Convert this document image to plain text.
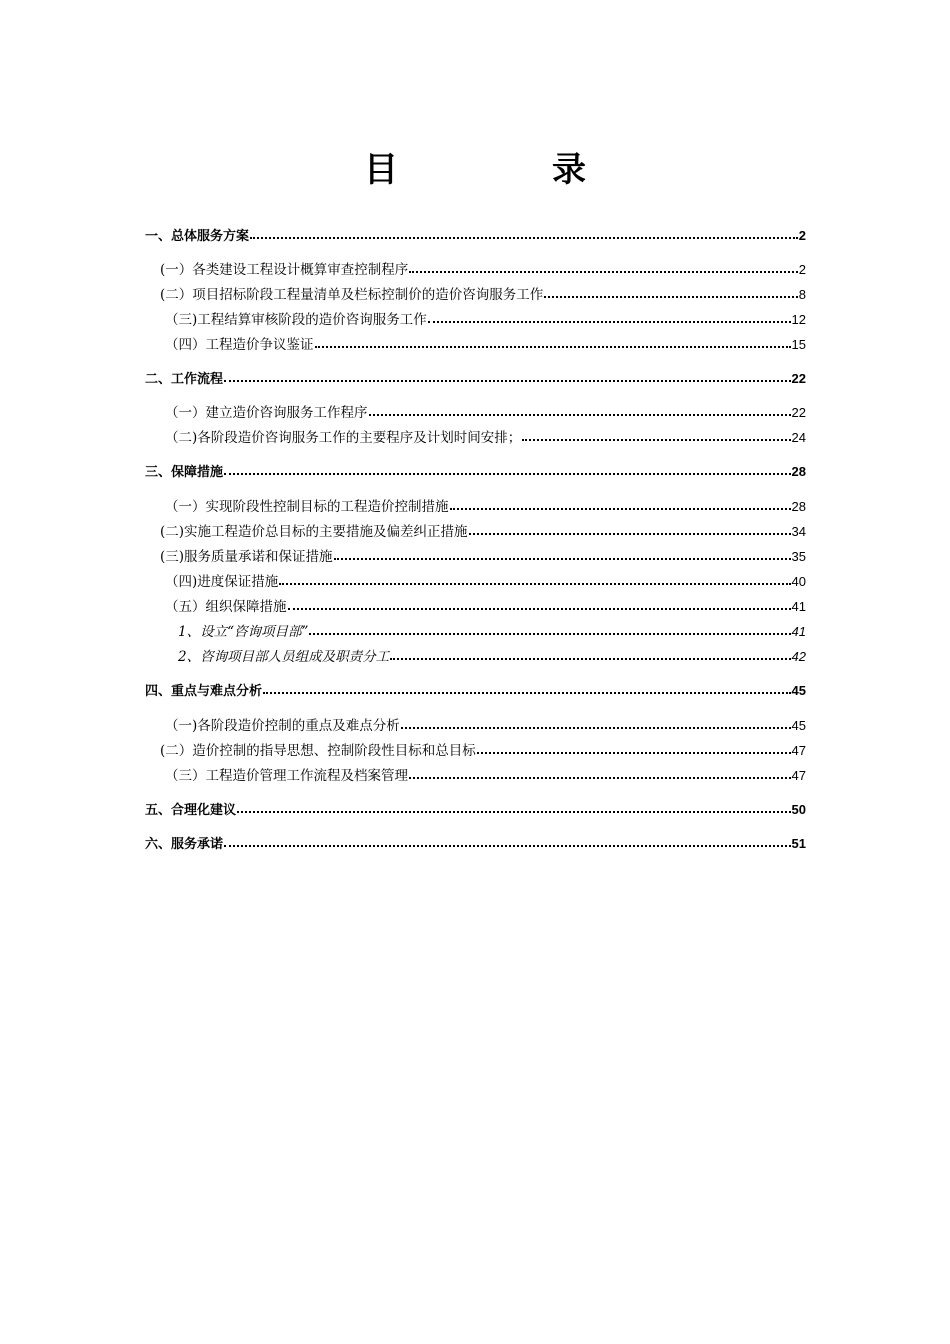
目　录
一、总体服务方案	2
(一）各类建设工程设计概算审查控制程序	2
(二）项目招标阶段工程量清单及栏标控制价的造价咨询服务工作	8
（三)工程结算审核阶段的造价咨询服务工作	12
（四）工程造价争议鉴证	15
二、工作流程	22
（一）建立造价咨询服务工作程序	22
（二)各阶段造价咨询服务工作的主要程序及计划时间安排；	24
三、保障措施	28
（一）实现阶段性控制目标的工程造价控制措施	28
(二)实施工程造价总目标的主要措施及偏差纠正措施	34
(三)服务质量承诺和保证措施	35
（四)进度保证措施	40
（五）组织保障措施	41
1、设立“咨询项目部”	41
2、咨询项目部人员组成及职责分工	42
四、重点与难点分析	45
（一)各阶段造价控制的重点及难点分析	45
(二）造价控制的指导思想、控制阶段性目标和总目标	47
（三）工程造价管理工作流程及档案管理	47
五、合理化建议	50
六、服务承诺	51
